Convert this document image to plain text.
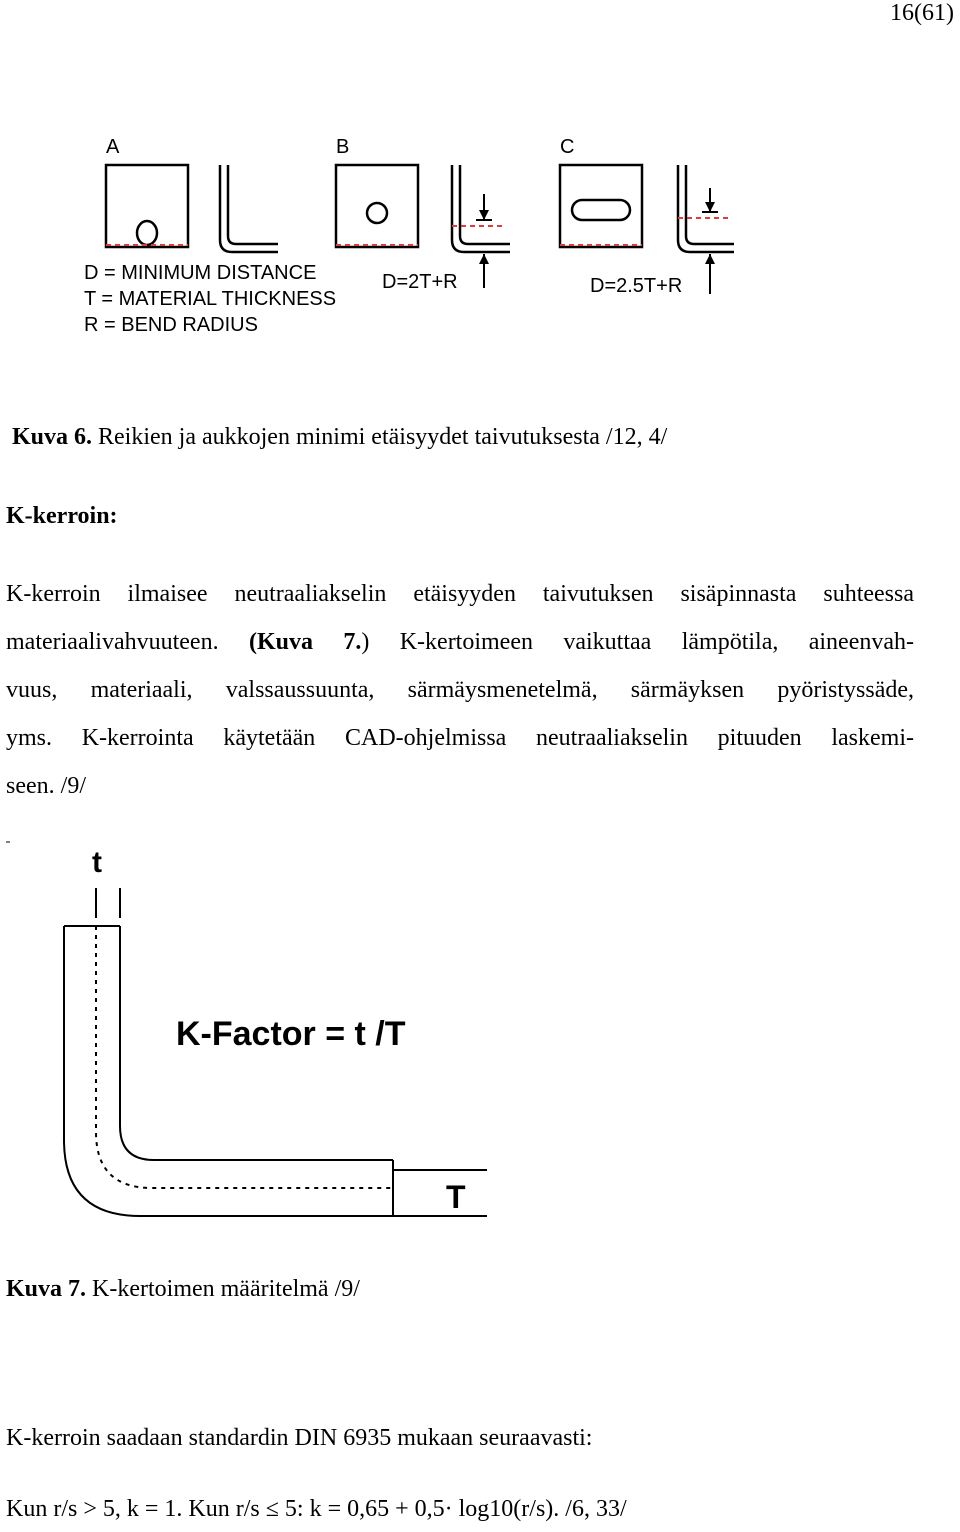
16(61)
A	B	C
D=2T+R	D=2.5T+R
D = MINIMUM DISTANCE
T = MATERIAL THICKNESS
R = BEND RADIUS
Kuva 6. Reikien ja aukkojen minimi etäisyydet taivutuksesta /12, 4/
K-kerroin:
K-kerroin ilmaisee neutraaliakselin etäisyyden taivutuksen sisäpinnasta suhteessa
materiaalivahvuuteen. (Kuva 7.) K-kertoimeen vaikuttaa lämpötila, aineenvah-
vuus, materiaali, valssaussuunta, särmäysmenetelmä, särmäyksen pyöristyssäde,
yms. K-kerrointa käytetään CAD-ohjelmissa neutraaliakselin pituuden laskemi-
seen. /9/
t
K-Factor = t /T
T
Kuva 7. K-kertoimen määritelmä /9/
K-kerroin saadaan standardin DIN 6935 mukaan seuraavasti:
Kun r/s > 5, k = 1. Kun r/s ≤ 5: k = 0,65 + 0,5· log10(r/s). /6, 33/
